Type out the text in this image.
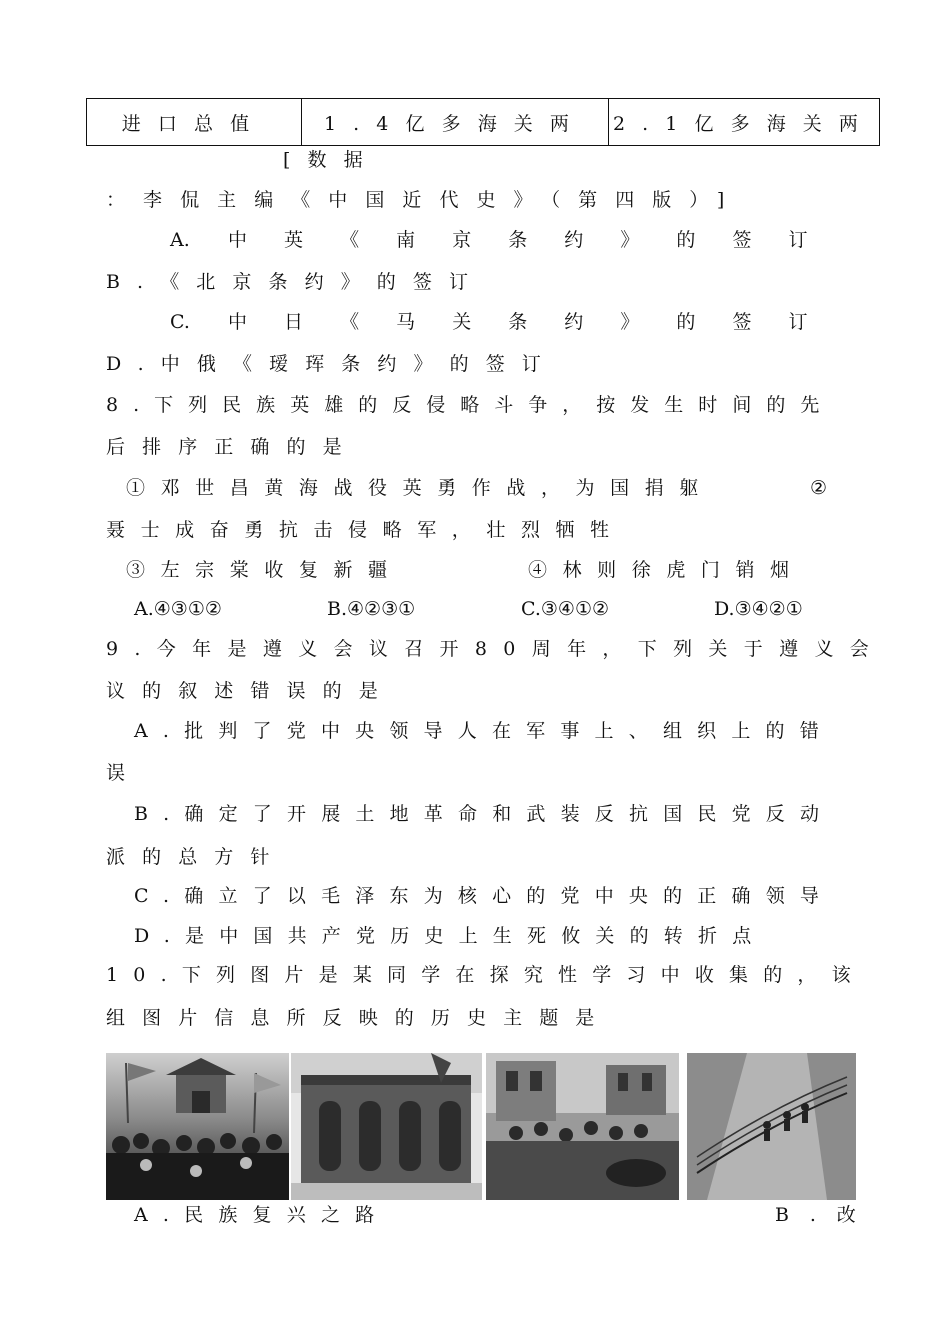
进口总值	1.4亿多海关两	2.1亿多海关两
[数据
：李侃主编《中国近代史》（第四版）]
A. 中英《南京条约》的签订
B.《北京条约》的签订
C. 中日《马关条约》的签订
D.中俄《瑷珲条约》的签订
8.下列民族英雄的反侵略斗争，按发生时间的先
后排序正确的是
①邓世昌黄海战役英勇作战，为国捐躯	②
聂士成奋勇抗击侵略军，壮烈牺牲
③左宗棠收复新疆	④林则徐虎门销烟
A.④③①②	B.④②③①	C.③④①②	D.③④②①
9.今年是遵义会议召开80周年，下列关于遵义会
议的叙述错误的是
A.批判了党中央领导人在军事上、组织上的错
误
B.确定了开展土地革命和武装反抗国民党反动
派的总方针
C.确立了以毛泽东为核心的党中央的正确领导
D.是中国共产党历史上生死攸关的转折点
10.下列图片是某同学在探究性学习中收集的，该
组图片信息所反映的历史主题是
A.民族复兴之路	B.改
